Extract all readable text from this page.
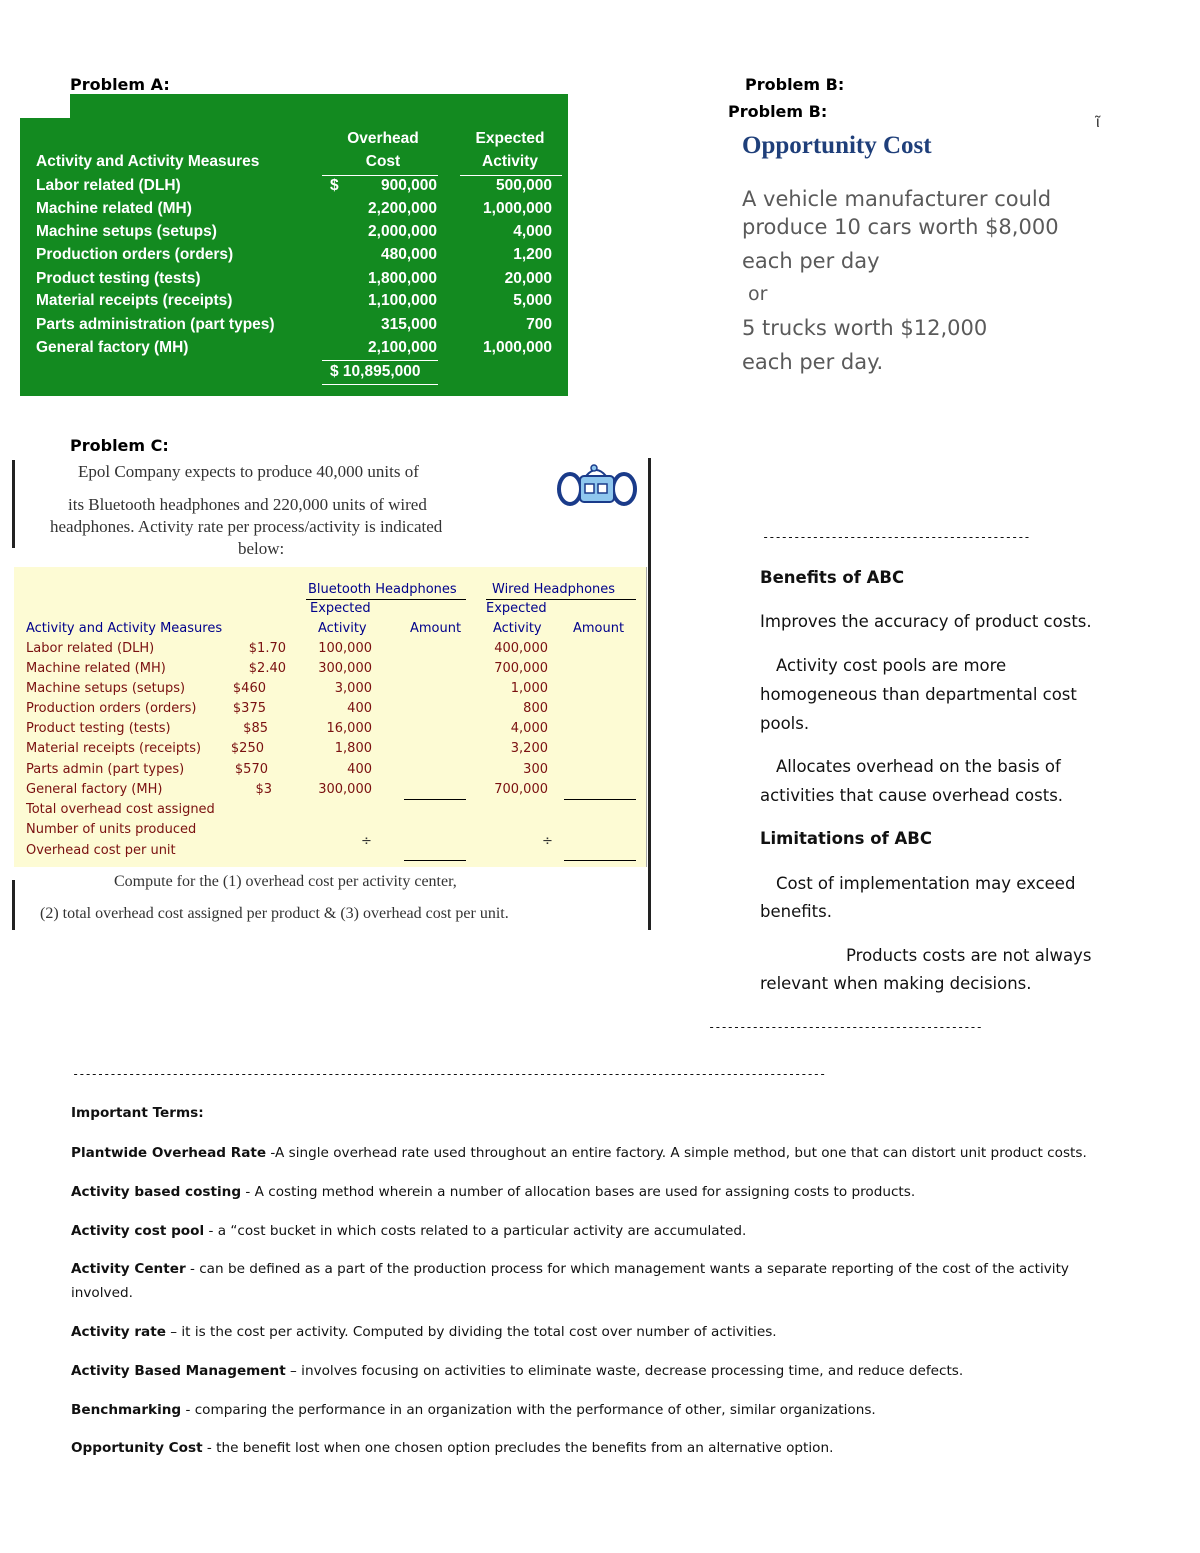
Problem A:
Overhead
Cost
Expected
Activity
Activity and Activity Measures
$
Labor related (DLH)	900,000	500,000
Machine related (MH)	2,200,000	1,000,000
Machine setups (setups)	2,000,000	4,000
Production orders (orders)	480,000	1,200
Product testing (tests)	1,800,000	20,000
Material receipts (receipts)	1,100,000	5,000
Parts administration (part types)	315,000	700
General factory (MH)	2,100,000	1,000,000
$ 10,895,000
Problem B:
Problem B:
ῖ
Opportunity Cost
A vehicle manufacturer could
produce 10 cars worth $8,000
each per day
or
5 trucks worth $12,000
each per day.
Problem C:
Epol Company expects to produce 40,000 units of
its Bluetooth headphones and 220,000 units of wired
headphones. Activity rate per process/activity is indicated
below:
Bluetooth Headphones	Wired Headphones
Expected	Expected
Activity	Amount Activity Amount
Activity and Activity Measures
Labor related (DLH)	$1.70	100,000	400,000
Machine related (MH)	$2.40	300,000	700,000
Machine setups (setups)	$460	3,000	1,000
Production orders (orders)	$375	400	800
Product testing (tests)	$85	16,000	4,000
Material receipts (receipts)	$250	1,800	3,200
Parts admin (part types)	$570	400	300
General factory (MH)	$3	300,000	700,000
Total overhead cost assigned
Number of units produced
÷	÷
Overhead cost per unit
Compute for the (1) overhead cost per activity center,
(2) total overhead cost assigned per product & (3) overhead cost per unit.
-------------------------------------------
Benefits of ABC
Improves the accuracy of product costs.
Activity cost pools are more
homogeneous than departmental cost
pools.
Allocates overhead on the basis of
activities that cause overhead costs.
Limitations of ABC
Cost of implementation may exceed
benefits.
Products costs are not always
relevant when making decisions.
--------------------------------------------
-------------------------------------------------------------------------------------------------------------------------
Important Terms:
Plantwide Overhead Rate -A single overhead rate used throughout an entire factory. A simple method, but one that can distort unit product costs.
Activity based costing - A costing method wherein a number of allocation bases are used for assigning costs to products.
Activity cost pool - a “cost bucket in which costs related to a particular activity are accumulated.
Activity Center - can be defined as a part of the production process for which management wants a separate reporting of the cost of the activity involved.
Activity rate – it is the cost per activity. Computed by dividing the total cost over number of activities.
Activity Based Management – involves focusing on activities to eliminate waste, decrease processing time, and reduce defects.
Benchmarking - comparing the performance in an organization with the performance of other, similar organizations.
Opportunity Cost - the benefit lost when one chosen option precludes the benefits from an alternative option.
